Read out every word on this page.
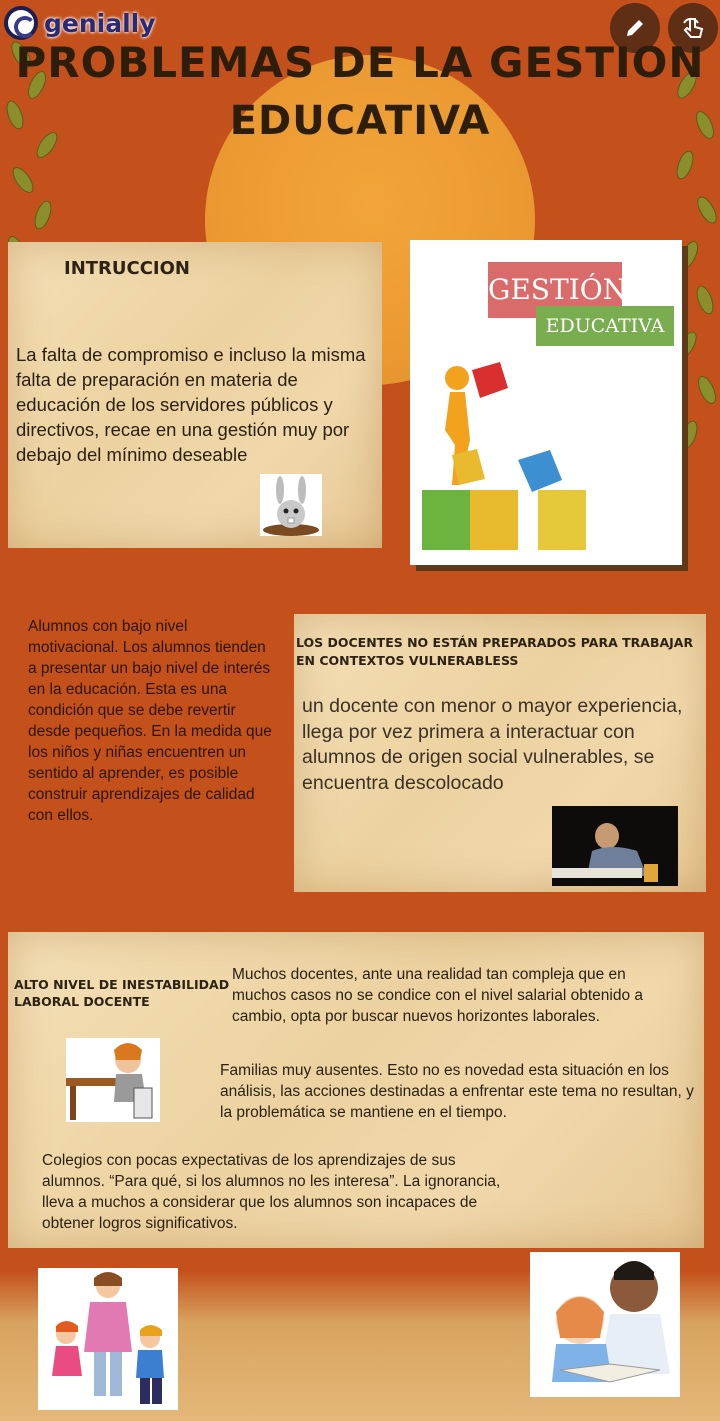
genially
PROBLEMAS DE LA GESTION
EDUCATIVA
INTRUCCION
La falta de compromiso e incluso la misma falta de preparación en materia de educación de los servidores públicos y directivos, recae en una gestión muy por debajo del mínimo deseable
GESTIÓN
EDUCATIVA
Alumnos con bajo nivel motivacional. Los alumnos tienden a presentar un bajo nivel de interés en la educación. Esta es una condición que se debe revertir desde pequeños. En la medida que los niños y niñas encuentren un sentido al aprender, es posible construir aprendizajes de calidad con ellos.
LOS DOCENTES NO ESTÁN PREPARADOS PARA TRABAJAR EN CONTEXTOS VULNERABLESS
un docente con menor o mayor experiencia, llega por vez primera a interactuar con alumnos de origen social vulnerables, se encuentra descolocado
ALTO NIVEL DE INESTABILIDAD LABORAL DOCENTE
Muchos docentes, ante una realidad tan compleja que en muchos casos no se condice con el nivel salarial obtenido a cambio, opta por buscar nuevos horizontes laborales.
Familias muy ausentes. Esto no es novedad esta situación en los análisis, las acciones destinadas a enfrentar este tema no resultan, y la problemática se mantiene en el tiempo.
Colegios con pocas expectativas de los aprendizajes de sus alumnos. “Para qué, si los alumnos no les interesa”. La ignorancia, lleva a muchos a considerar que los alumnos son incapaces de obtener logros significativos.
